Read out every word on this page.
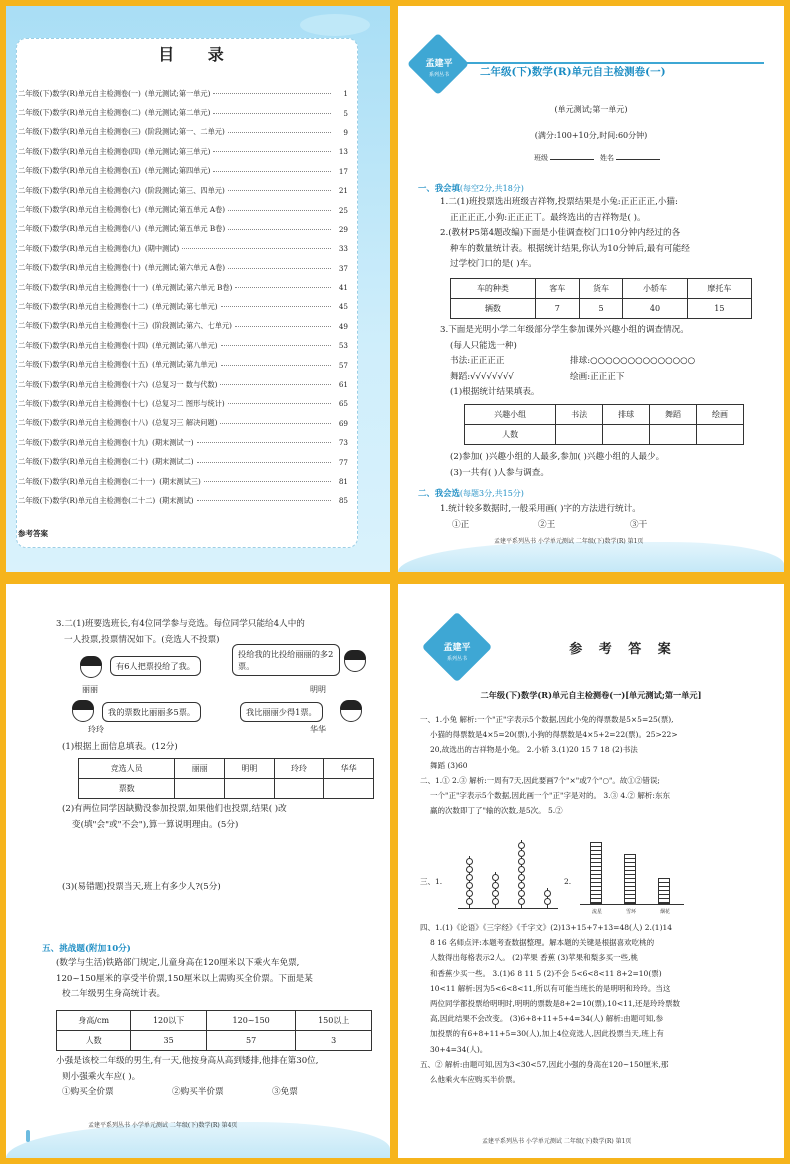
目 录
二年级(下)数学(R)单元自主检测卷(一) (单元测试;第一单元)	1
二年级(下)数学(R)单元自主检测卷(二) (单元测试;第二单元)	5
二年级(下)数学(R)单元自主检测卷(三) (阶段测试;第一、二单元)	9
二年级(下)数学(R)单元自主检测卷(四) (单元测试;第三单元)	13
二年级(下)数学(R)单元自主检测卷(五) (单元测试;第四单元)	17
二年级(下)数学(R)单元自主检测卷(六) (阶段测试;第三、四单元)	21
二年级(下)数学(R)单元自主检测卷(七) (单元测试;第五单元 A卷)	25
二年级(下)数学(R)单元自主检测卷(八) (单元测试;第五单元 B卷)	29
二年级(下)数学(R)单元自主检测卷(九) (期中测试)	33
二年级(下)数学(R)单元自主检测卷(十) (单元测试;第六单元 A卷)	37
二年级(下)数学(R)单元自主检测卷(十一) (单元测试;第六单元 B卷)	41
二年级(下)数学(R)单元自主检测卷(十二) (单元测试;第七单元)	45
二年级(下)数学(R)单元自主检测卷(十三) (阶段测试;第六、七单元)	49
二年级(下)数学(R)单元自主检测卷(十四) (单元测试;第八单元)	53
二年级(下)数学(R)单元自主检测卷(十五) (单元测试;第九单元)	57
二年级(下)数学(R)单元自主检测卷(十六) (总复习一 数与代数)	61
二年级(下)数学(R)单元自主检测卷(十七) (总复习二 图形与统计)	65
二年级(下)数学(R)单元自主检测卷(十八) (总复习三 解决问题)	69
二年级(下)数学(R)单元自主检测卷(十九) (期末测试一)	73
二年级(下)数学(R)单元自主检测卷(二十) (期末测试二)	77
二年级(下)数学(R)单元自主检测卷(二十一) (期末测试三)	81
二年级(下)数学(R)单元自主检测卷(二十二) (期末测试)	85
参考答案
孟建平
系列丛书	二年级(下)数学(R)单元自主检测卷(一)
(单元测试;第一单元)
(满分:100+10分,时间:60分钟)
班级	姓名
一、我会填(每空2分,共18分)
1.二(1)班投票选出班级吉祥物,投票结果是小兔:正正正正,小猫:
正正正正,小狗:正正正丅。最终选出的吉祥物是( )。
2.(教材P5第4题改编)下面是小佳调查校门口10分钟内经过的各
种车的数量统计表。根据统计结果,你认为10分钟后,最有可能经
过学校门口的是( )车。
车的种类	客车	货车	小轿车	摩托车
辆数	7	5	40	15
3.下面是光明小学二年级部分学生参加课外兴趣小组的调查情况。
(每人只能选一种)
书法:正正正正	排球:○○○○○○○○○○○○○○
舞蹈:√√√√√√√√	绘画:正正正下
(1)根据统计结果填表。
兴趣小组	书法	排球	舞蹈	绘画
人数				
(2)参加( )兴趣小组的人最多,参加( )兴趣小组的人最少。
(3)一共有( )人参与调查。
二、我会选(每题3分,共15分)
1.统计较多数据时,一般采用画( )字的方法进行统计。
①正	②王	③干
孟建平系列丛书 小学单元测试 二年级(下)数学(R) 第1页
3.二(1)班要选班长,有4位同学参与竞选。每位同学只能给4人中的
一人投票,投票情况如下。(竞选人不投票)
有6人把票投给了我。
丽丽
投给我的比投给丽丽的多2票。
明明
我的票数比丽丽多5票。
玲玲
我比丽丽少得1票。
华华
(1)根据上面信息填表。(12分)
竞选人员	丽丽	明明	玲玲	华华
票数				
(2)有两位同学因缺勤没参加投票,如果他们也投票,结果( )改
变(填"会"或"不会"),算一算说明理由。(5分)
(3)(易错题)投票当天,班上有多少人?(5分)
五、挑战题(附加10分)
(数学与生活)铁路部门规定,儿童身高在120厘米以下乘火车免票,
120~150厘米的享受半价票,150厘米以上需购买全价票。下面是某
校二年级男生身高统计表。
身高/cm	120以下	120~150	150以上
人数	35	57	3
小强是该校二年级的男生,有一天,他按身高从高到矮排,他排在第30位,
则小强乘火车应( )。
①购买全价票	②购买半价票	③免票
孟建平系列丛书 小学单元测试 二年级(下)数学(R) 第4页
孟建平
系列丛书
参 考 答 案
二年级(下)数学(R)单元自主检测卷(一)[单元测试;第一单元]
一、1.小兔 解析:一个"正"字表示5个数据,因此小兔的得票数是5×5=25(票),
小猫的得票数是4×5=20(票),小狗的得票数是4×5+2=22(票)。25>22>
20,故选出的吉祥物是小兔。 2.小轿 3.(1)20 15 7 18 (2)书法
舞蹈 (3)60
二、1.① 2.③ 解析:一周有7天,因此要画7个"×"或7个"○"。故①②错误;
一个"正"字表示5个数据,因此画一个"正"字是对的。 3.③ 4.② 解析:东东
赢的次数即丁了"输的次数,是5次。 5.②
三、1.	2.
流星	雪环	烟花
四、1.(1)《论语》《三字经》《千字文》(2)13+15+7+13=48(人) 2.(1)14
8 16 名师点评:本题考查数据整理。解本题的关键是根据喜欢吃桃的
人数得出每格表示2人。 (2)苹果 香蕉 (3)苹果和梨多买一些,桃
和香蕉少买一些。 3.(1)6 8 11 5 (2)不会 5<6<8<11 8+2=10(票)
10<11 解析:因为5<6<8<11,所以有可能当班长的是明明和玲玲。当这
两位同学都投票给明明时,明明的票数是8+2=10(票),10<11,还是玲玲票数
高,因此结果不会改变。 (3)6+8+11+5+4=34(人) 解析:由题可知,参
加投票的有6+8+11+5=30(人),加上4位竞选人,因此投票当天,班上有
30+4=34(人)。
五、② 解析:由题可知,因为3<30<57,因此小强的身高在120~150厘米,那
么他乘火车应购买半价票。
孟建平系列丛书 小学单元测试 二年级(下)数学(R) 第1页
